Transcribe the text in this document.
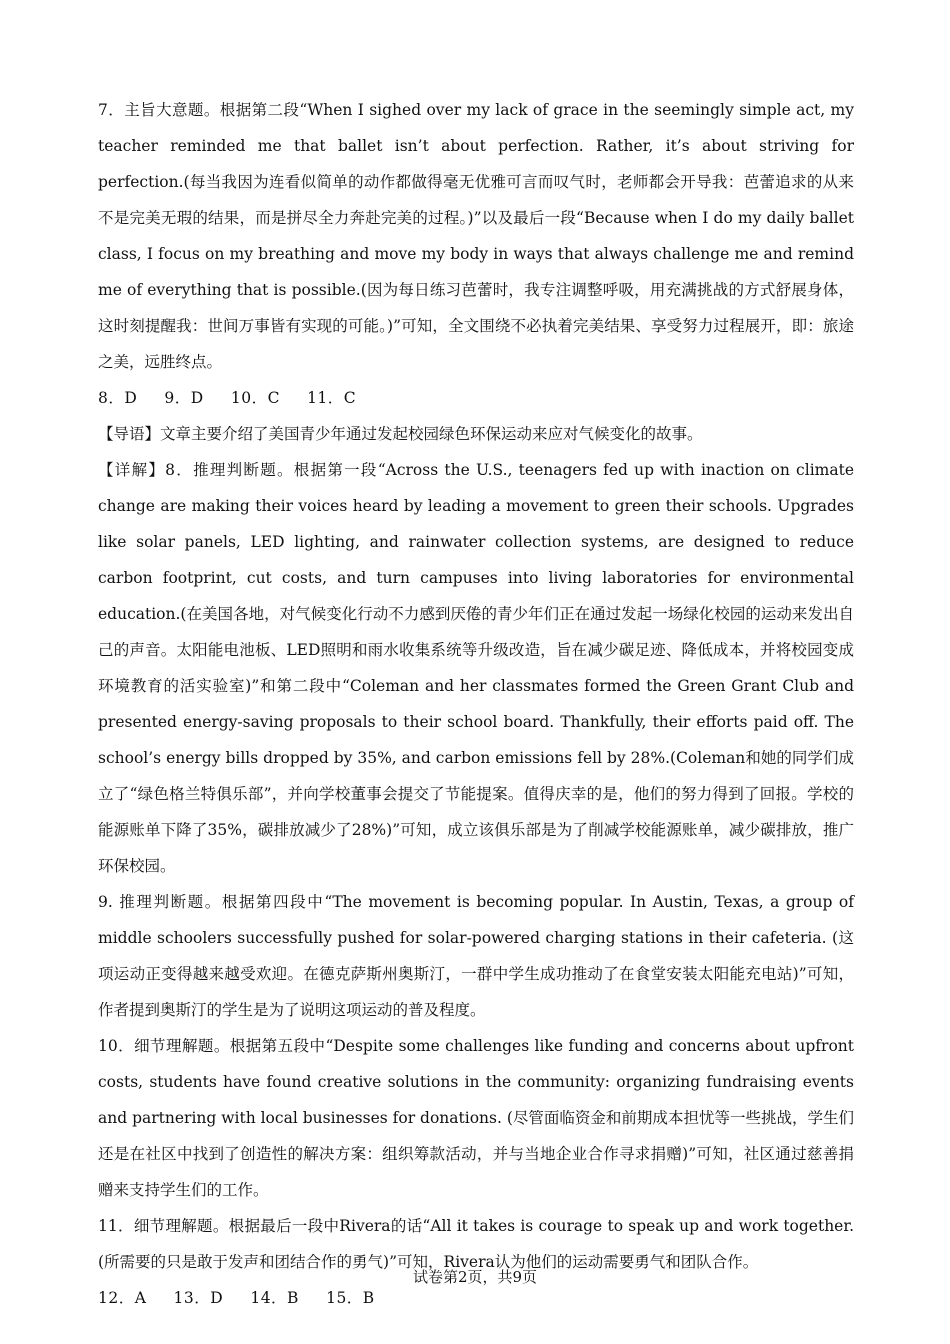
7．主旨大意题。根据第二段“When I sighed over my lack of grace in the seemingly simple act, my teacher reminded me that ballet isn’t about perfection. Rather, it’s about striving for perfection.(每当我因为连看似简单的动作都做得毫无优雅可言而叹气时，老师都会开导我：芭蕾追求的从来不是完美无瑕的结果，而是拼尽全力奔赴完美的过程。)”以及最后一段“Because when I do my daily ballet class, I focus on my breathing and move my body in ways that always challenge me and remind me of everything that is possible.(因为每日练习芭蕾时，我专注调整呼吸，用充满挑战的方式舒展身体，这时刻提醒我：世间万事皆有实现的可能。)”可知，全文围绕不必执着完美结果、享受努力过程展开，即：旅途之美，远胜终点。

8．D     9．D     10．C     11．C

【导语】文章主要介绍了美国青少年通过发起校园绿色环保运动来应对气候变化的故事。

【详解】8．推理判断题。根据第一段“Across the U.S., teenagers fed up with inaction on climate change are making their voices heard by leading a movement to green their schools. Upgrades like solar panels, LED lighting, and rainwater collection systems, are designed to reduce carbon footprint, cut costs, and turn campuses into living laboratories for environmental education.(在美国各地，对气候变化行动不力感到厌倦的青少年们正在通过发起一场绿化校园的运动来发出自己的声音。太阳能电池板、LED照明和雨水收集系统等升级改造，旨在减少碳足迹、降低成本，并将校园变成环境教育的活实验室)”和第二段中“Coleman and her classmates formed the Green Grant Club and presented energy-saving proposals to their school board. Thankfully, their efforts paid off. The school’s energy bills dropped by 35%, and carbon emissions fell by 28%.(Coleman和她的同学们成立了“绿色格兰特俱乐部”，并向学校董事会提交了节能提案。值得庆幸的是，他们的努力得到了回报。学校的能源账单下降了35%，碳排放减少了28%)”可知，成立该俱乐部是为了削减学校能源账单，减少碳排放，推广环保校园。

9. 推理判断题。根据第四段中“The movement is becoming popular. In Austin, Texas, a group of middle schoolers successfully pushed for solar-powered charging stations in their cafeteria. (这项运动正变得越来越受欢迎。在德克萨斯州奥斯汀，一群中学生成功推动了在食堂安装太阳能充电站)”可知，作者提到奥斯汀的学生是为了说明这项运动的普及程度。

10．细节理解题。根据第五段中“Despite some challenges like funding and concerns about upfront costs, students have found creative solutions in the community: organizing fundraising events and partnering with local businesses for donations. (尽管面临资金和前期成本担忧等一些挑战，学生们还是在社区中找到了创造性的解决方案：组织筹款活动，并与当地企业合作寻求捐赠)”可知，社区通过慈善捐赠来支持学生们的工作。

11．细节理解题。根据最后一段中Rivera的话“All it takes is courage to speak up and work together. (所需要的只是敢于发声和团结合作的勇气)”可知，Rivera认为他们的运动需要勇气和团队合作。

12．A     13．D     14．B     15．B

试卷第2页，共9页
